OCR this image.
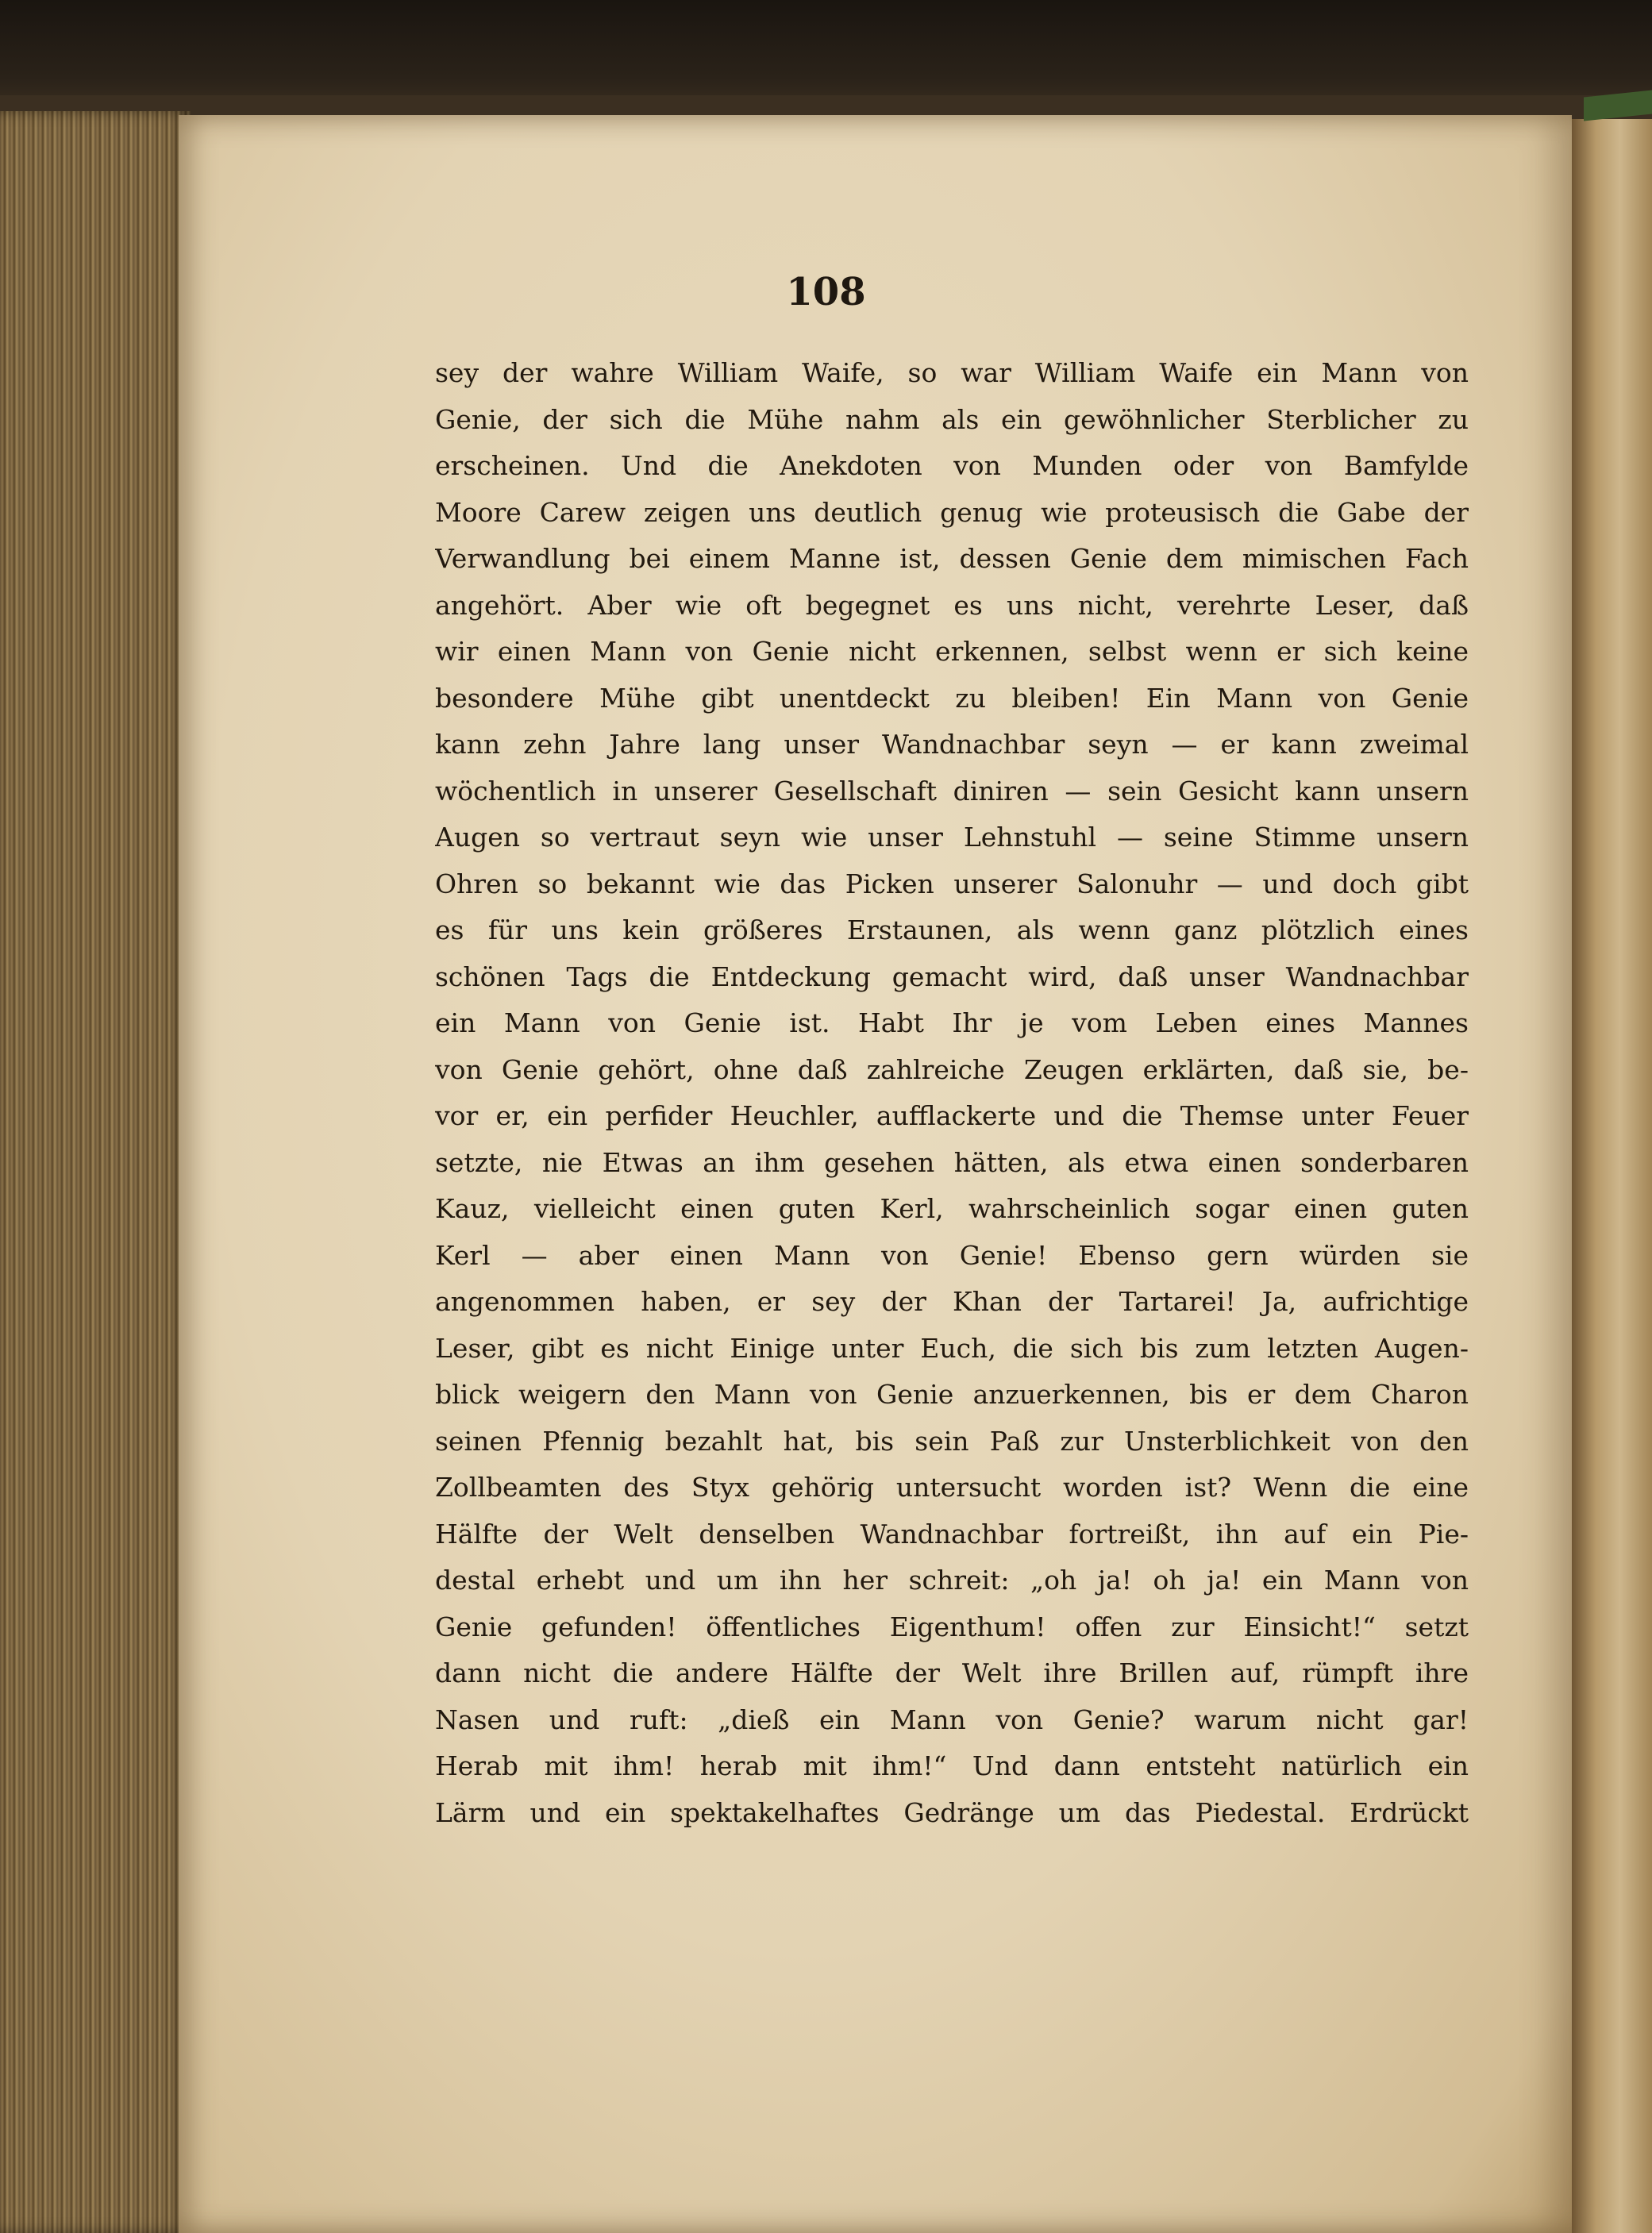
108

sey der wahre William Waife, so war William Waife ein Mann von
Genie, der sich die Mühe nahm als ein gewöhnlicher Sterblicher zu
erscheinen. Und die Anekdoten von Munden oder von Bamfylde
Moore Carew zeigen uns deutlich genug wie proteusisch die Gabe der
Verwandlung bei einem Manne ist, dessen Genie dem mimischen Fach
angehört. Aber wie oft begegnet es uns nicht, verehrte Leser, daß
wir einen Mann von Genie nicht erkennen, selbst wenn er sich keine
besondere Mühe gibt unentdeckt zu bleiben! Ein Mann von Genie
kann zehn Jahre lang unser Wandnachbar seyn — er kann zweimal
wöchentlich in unserer Gesellschaft diniren — sein Gesicht kann unsern
Augen so vertraut seyn wie unser Lehnstuhl — seine Stimme unsern
Ohren so bekannt wie das Picken unserer Salonuhr — und doch gibt
es für uns kein größeres Erstaunen, als wenn ganz plötzlich eines
schönen Tags die Entdeckung gemacht wird, daß unser Wandnachbar
ein Mann von Genie ist. Habt Ihr je vom Leben eines Mannes
von Genie gehört, ohne daß zahlreiche Zeugen erklärten, daß sie, be-
vor er, ein perfider Heuchler, aufflackerte und die Themse unter Feuer
setzte, nie Etwas an ihm gesehen hätten, als etwa einen sonderbaren
Kauz, vielleicht einen guten Kerl, wahrscheinlich sogar einen guten
Kerl — aber einen Mann von Genie! Ebenso gern würden sie
angenommen haben, er sey der Khan der Tartarei! Ja, aufrichtige
Leser, gibt es nicht Einige unter Euch, die sich bis zum letzten Augen-
blick weigern den Mann von Genie anzuerkennen, bis er dem Charon
seinen Pfennig bezahlt hat, bis sein Paß zur Unsterblichkeit von den
Zollbeamten des Styx gehörig untersucht worden ist? Wenn die eine
Hälfte der Welt denselben Wandnachbar fortreißt, ihn auf ein Pie-
destal erhebt und um ihn her schreit: „oh ja! oh ja! ein Mann von
Genie gefunden! öffentliches Eigenthum! offen zur Einsicht!“ setzt
dann nicht die andere Hälfte der Welt ihre Brillen auf, rümpft ihre
Nasen und ruft: „dieß ein Mann von Genie? warum nicht gar!
Herab mit ihm! herab mit ihm!“ Und dann entsteht natürlich ein
Lärm und ein spektakelhaftes Gedränge um das Piedestal. Erdrückt
